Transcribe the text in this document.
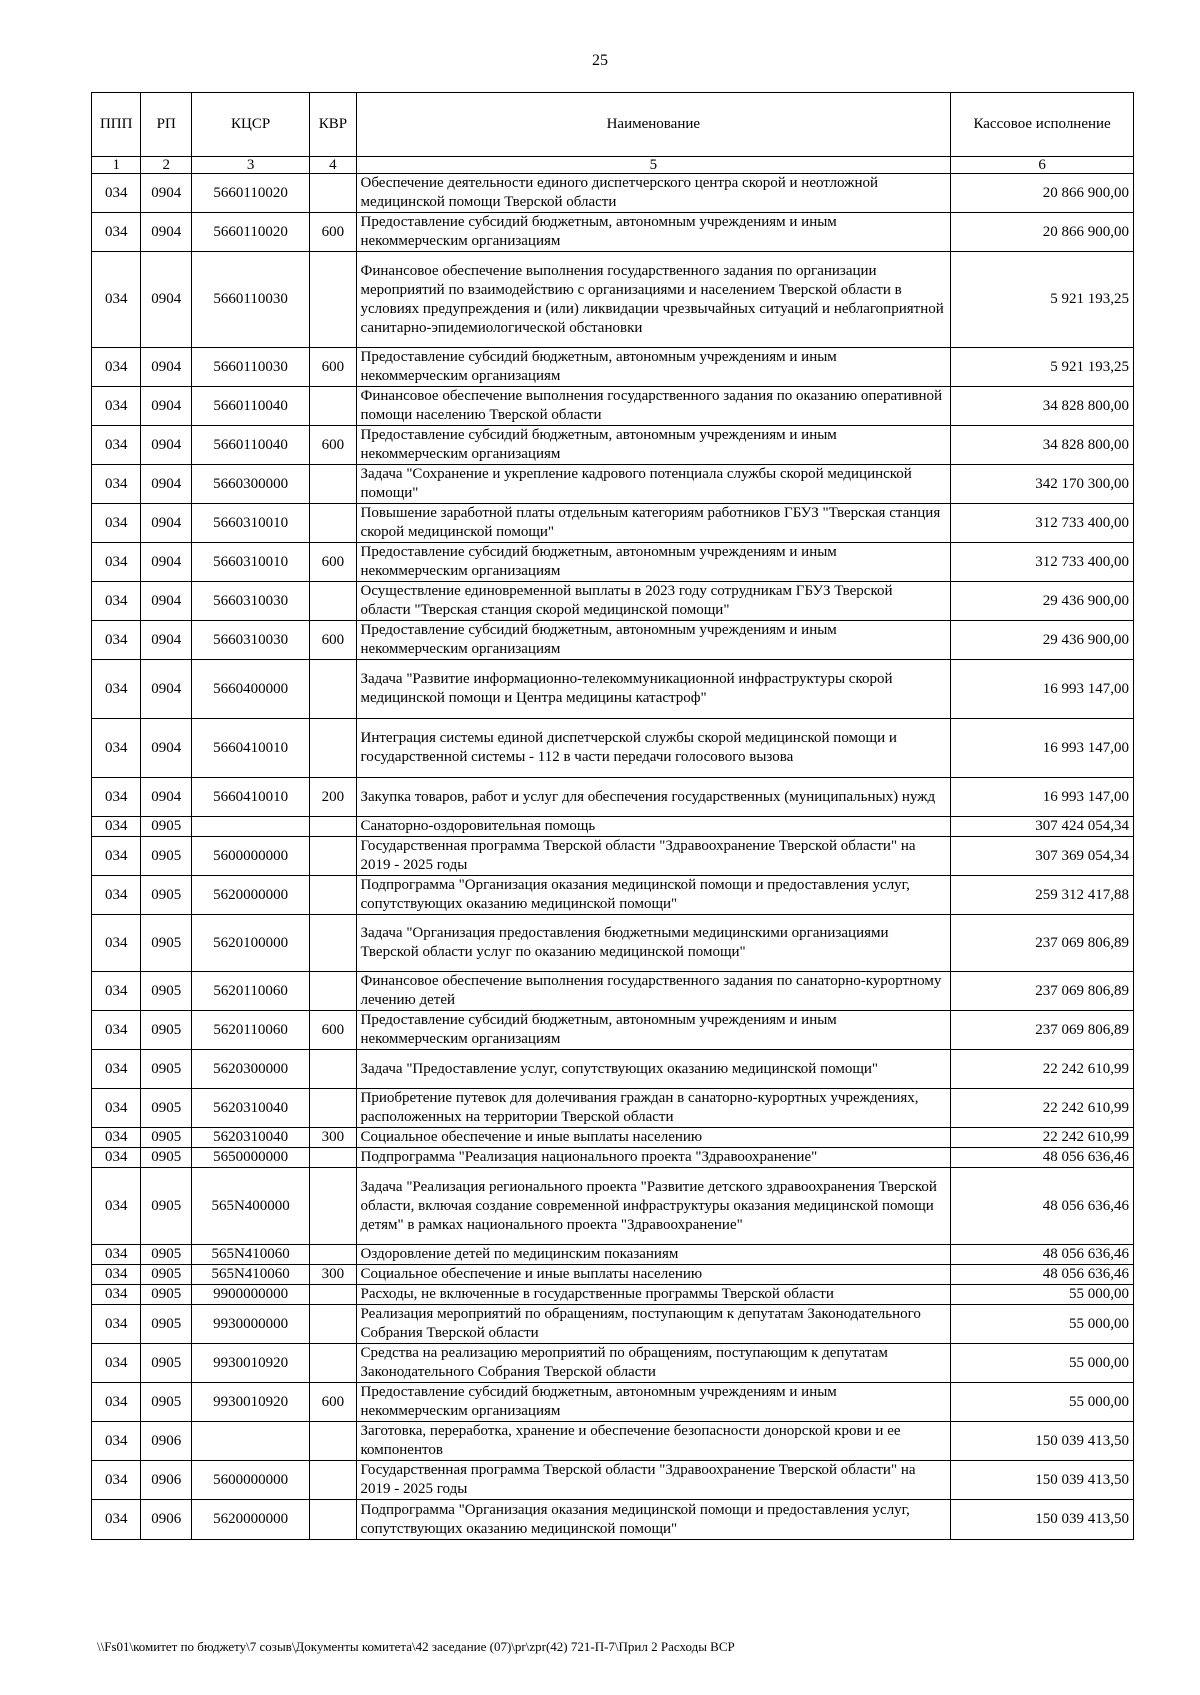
25
ППП	РП	КЦСР	КВР	Наименование	Кассовое исполнение
1	2	3	4	5	6
034	0904	5660110020		Обеспечение деятельности единого диспетчерского центра скорой и неотложной медицинской помощи Тверской области	20 866 900,00
034	0904	5660110020	600	Предоставление субсидий бюджетным, автономным учреждениям и иным некоммерческим организациям	20 866 900,00
034	0904	5660110030		Финансовое обеспечение выполнения государственного задания по организации мероприятий по взаимодействию с организациями и населением Тверской области в условиях предупреждения и (или) ликвидации чрезвычайных ситуаций и неблагоприятной санитарно-эпидемиологической обстановки	5 921 193,25
034	0904	5660110030	600	Предоставление субсидий бюджетным, автономным учреждениям и иным некоммерческим организациям	5 921 193,25
034	0904	5660110040		Финансовое обеспечение выполнения государственного задания по оказанию оперативной помощи населению Тверской области	34 828 800,00
034	0904	5660110040	600	Предоставление субсидий бюджетным, автономным учреждениям и иным некоммерческим организациям	34 828 800,00
034	0904	5660300000		Задача "Сохранение и укрепление кадрового потенциала службы скорой медицинской помощи"	342 170 300,00
034	0904	5660310010		Повышение заработной платы отдельным категориям работников ГБУЗ "Тверская станция скорой медицинской помощи"	312 733 400,00
034	0904	5660310010	600	Предоставление субсидий бюджетным, автономным учреждениям и иным некоммерческим организациям	312 733 400,00
034	0904	5660310030		Осуществление единовременной выплаты в 2023 году сотрудникам ГБУЗ Тверской области "Тверская станция скорой медицинской помощи"	29 436 900,00
034	0904	5660310030	600	Предоставление субсидий бюджетным, автономным учреждениям и иным некоммерческим организациям	29 436 900,00
034	0904	5660400000		Задача "Развитие информационно-телекоммуникационной инфраструктуры скорой медицинской помощи и Центра медицины катастроф"	16 993 147,00
034	0904	5660410010		Интеграция системы единой диспетчерской службы скорой медицинской помощи и государственной системы - 112 в части передачи голосового вызова	16 993 147,00
034	0904	5660410010	200	Закупка товаров, работ и услуг для обеспечения государственных (муниципальных) нужд	16 993 147,00
034	0905			Санаторно-оздоровительная помощь	307 424 054,34
034	0905	5600000000		Государственная программа Тверской области "Здравоохранение Тверской области" на 2019 - 2025 годы	307 369 054,34
034	0905	5620000000		Подпрограмма "Организация оказания медицинской помощи и предоставления услуг, сопутствующих оказанию медицинской помощи"	259 312 417,88
034	0905	5620100000		Задача "Организация предоставления бюджетными медицинскими организациями Тверской области услуг по оказанию медицинской помощи"	237 069 806,89
034	0905	5620110060		Финансовое обеспечение выполнения государственного задания по санаторно-курортному лечению детей	237 069 806,89
034	0905	5620110060	600	Предоставление субсидий бюджетным, автономным учреждениям и иным некоммерческим организациям	237 069 806,89
034	0905	5620300000		Задача "Предоставление услуг, сопутствующих оказанию медицинской помощи"	22 242 610,99
034	0905	5620310040		Приобретение путевок для долечивания граждан в санаторно-курортных учреждениях, расположенных на территории Тверской области	22 242 610,99
034	0905	5620310040	300	Социальное обеспечение и иные выплаты населению	22 242 610,99
034	0905	5650000000		Подпрограмма "Реализация национального проекта "Здравоохранение"	48 056 636,46
034	0905	565N400000		Задача "Реализация регионального проекта "Развитие детского здравоохранения Тверской области, включая создание современной инфраструктуры оказания медицинской помощи детям" в рамках национального проекта "Здравоохранение"	48 056 636,46
034	0905	565N410060		Оздоровление детей по медицинским показаниям	48 056 636,46
034	0905	565N410060	300	Социальное обеспечение и иные выплаты населению	48 056 636,46
034	0905	9900000000		Расходы, не включенные в государственные программы Тверской области	55 000,00
034	0905	9930000000		Реализация мероприятий по обращениям, поступающим к депутатам Законодательного Собрания Тверской области	55 000,00
034	0905	9930010920		Средства на реализацию мероприятий по обращениям, поступающим к депутатам Законодательного Собрания Тверской области	55 000,00
034	0905	9930010920	600	Предоставление субсидий бюджетным, автономным учреждениям и иным некоммерческим организациям	55 000,00
034	0906			Заготовка, переработка, хранение и обеспечение безопасности донорской крови и ее компонентов	150 039 413,50
034	0906	5600000000		Государственная программа Тверской области "Здравоохранение Тверской области" на 2019 - 2025 годы	150 039 413,50
034	0906	5620000000		Подпрограмма "Организация оказания медицинской помощи и предоставления услуг, сопутствующих оказанию медицинской помощи"	150 039 413,50
\\Fs01\комитет по бюджету\7 созыв\Документы комитета\42 заседание (07)\pr\zpr(42) 721-П-7\Прил 2 Расходы ВСР
